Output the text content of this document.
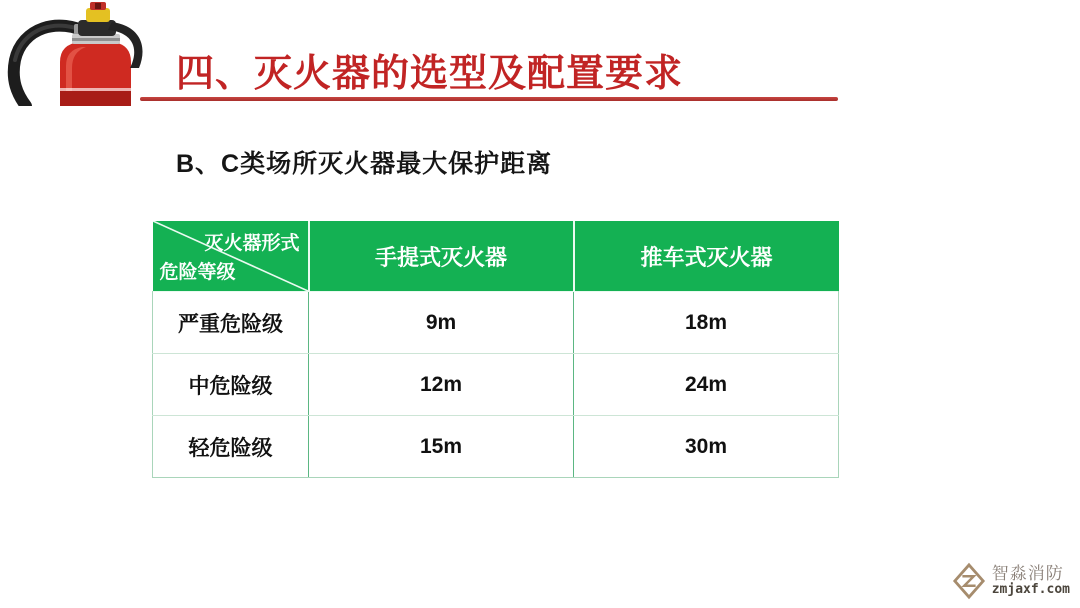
四、灭火器的选型及配置要求
B、C类场所灭火器最大保护距离
灭火器形式
危险等级	手提式灭火器	推车式灭火器
严重危险级	9m	18m
中危险级	12m	24m
轻危险级	15m	30m
智淼消防
zmjaxf.com
